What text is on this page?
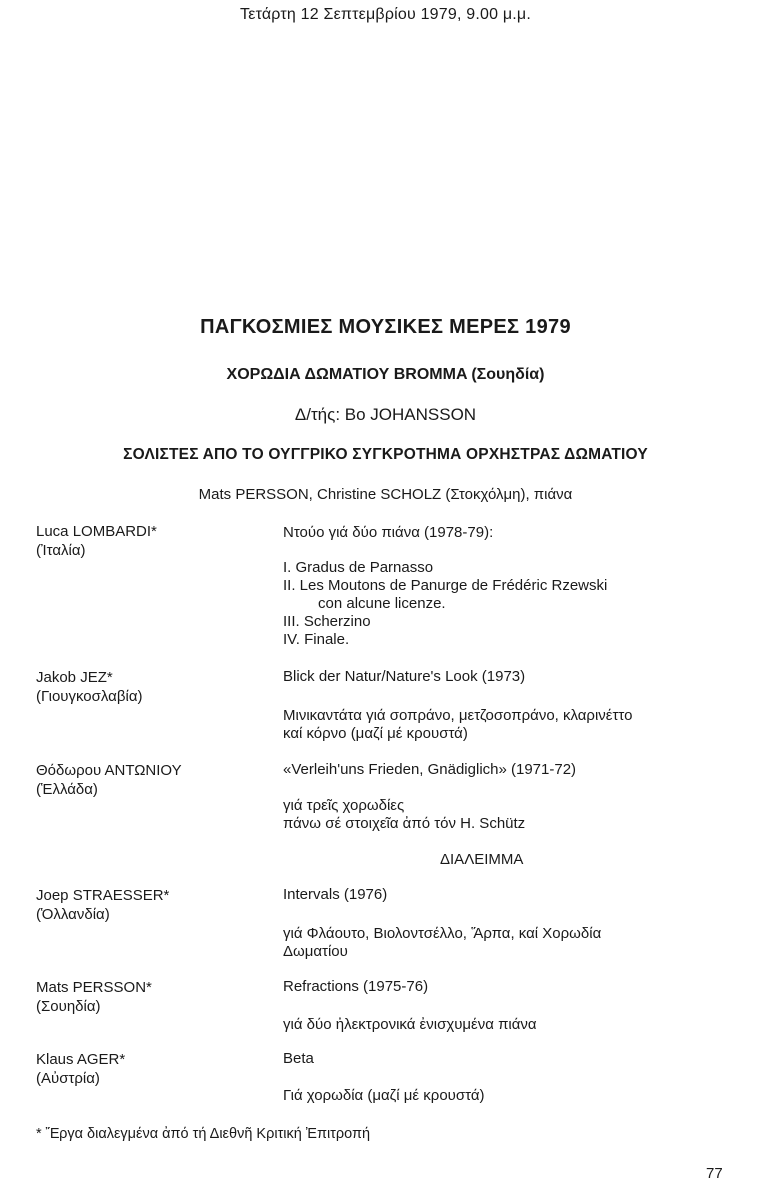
Τετάρτη 12 Σεπτεμβρίου 1979, 9.00 μ.μ.
ΠΑΓΚΟΣΜΙΕΣ ΜΟΥΣΙΚΕΣ ΜΕΡΕΣ 1979
ΧΟΡΩΔΙΑ ΔΩΜΑΤΙΟΥ BROMMA (Σουηδία)
Δ/τής: Bo JOHANSSON
ΣΟΛΙΣΤΕΣ ΑΠΟ ΤΟ ΟΥΓΓΡΙΚΟ ΣΥΓΚΡΟΤΗΜΑ ΟΡΧΗΣΤΡΑΣ ΔΩΜΑΤΙΟΥ
Mats PERSSON, Christine SCHOLZ (Στοκχόλμη), πιάνα
Luca LOMBARDI*
(Ἰταλία)
Ντούο γιά δύο πιάνα (1978-79):
I. Gradus de Parnasso
II. Les Moutons de Panurge de Frédéric Rzewski
con alcune licenze.
III. Scherzino
IV. Finale.
Jakob JEZ*
(Γιουγκοσλαβία)
Blick der Natur/Nature's Look (1973)
Μινικαντάτα γιά σοπράνο, μετζοσοπράνο, κλαρινέττο
καί κόρνο (μαζί μέ κρουστά)
Θόδωρου ΑΝΤΩΝΙΟΥ
(Ἑλλάδα)
«Verleih'uns Frieden, Gnädiglich» (1971-72)
γιά τρεῖς χορωδίες
πάνω σέ στοιχεῖα ἀπό τόν H. Schütz
ΔΙΑΛΕΙΜΜΑ
Joep STRAESSER*
(Ὁλλανδία)
Intervals (1976)
γιά Φλάουτο, Βιολοντσέλλο, Ἅρπα, καί Χορωδία
Δωματίου
Mats PERSSON*
(Σουηδία)
Refractions (1975-76)
γιά δύο ἠλεκτρονικά ἐνισχυμένα πιάνα
Klaus AGER*
(Αὐστρία)
Beta
Γιά χορωδία (μαζί μέ κρουστά)
* Ἔργα διαλεγμένα ἀπό τή Διεθνῆ Κριτική Ἐπιτροπή
77
